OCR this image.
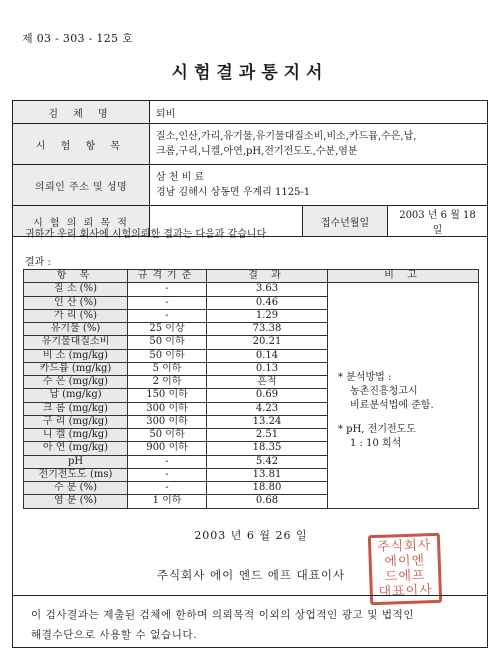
제 03 - 303 - 125 호
시험결과통지서
검 체 명	퇴비		
시 험 항 목	질소,인산,가리,유기물,유기물대질소비,비소,카드뮴,수은,납,
크롬,구리,니켈,아연,pH,전기전도도,수분,염분		

의뢰인 주소 및 성명	삼 천 비 료
경남 김해시 상동면 우계리 1125-1		

시 험 의 뢰 목 적		접수년월일	2003 년 6 월 18 일
귀하가 우리 회사에 시험의뢰한 결과는 다음과 같습니다.
결과 :
항 목	규격기준	결 과	비 고
질 소 (%)	-	3.63	* 분석방법 :
농촌진흥청고시
비료분석법에 준함.
* pH, 전기전도도
1 : 10 희석

인 산 (%)	-	0.46	
가 리 (%)	-	1.29	
유기물 (%)	25 이상	73.38	
유기물대질소비	50 이하	20.21	
비 소 (mg/kg)	50 이하	0.14	
카드뮴 (mg/kg)	5 이하	0.13	
수 은 (mg/kg)	2 이하	흔적	
납 (mg/kg)	150 이하	0.69	
크 롬 (mg/kg)	300 이하	4.23	
구 리 (mg/kg)	300 이하	13.24	
니 켈 (mg/kg)	50 이하	2.51	
아 연 (mg/kg)	900 이하	18.35	
pH	-	5.42	
전기전도도 (ms)	-	13.81	
수 분 (%)	-	18.80	
염 분 (%)	1 이하	0.68	
2003 년 6 월 26 일
주식회사 에이 엔드 에프 대표이사
주식회사
에이엔
드에프
대표이사
이 검사결과는 제출된 검체에 한하며 의뢰목적 이외의 상업적인 광고 및 법적인
해결수단으로 사용할 수 없습니다.
